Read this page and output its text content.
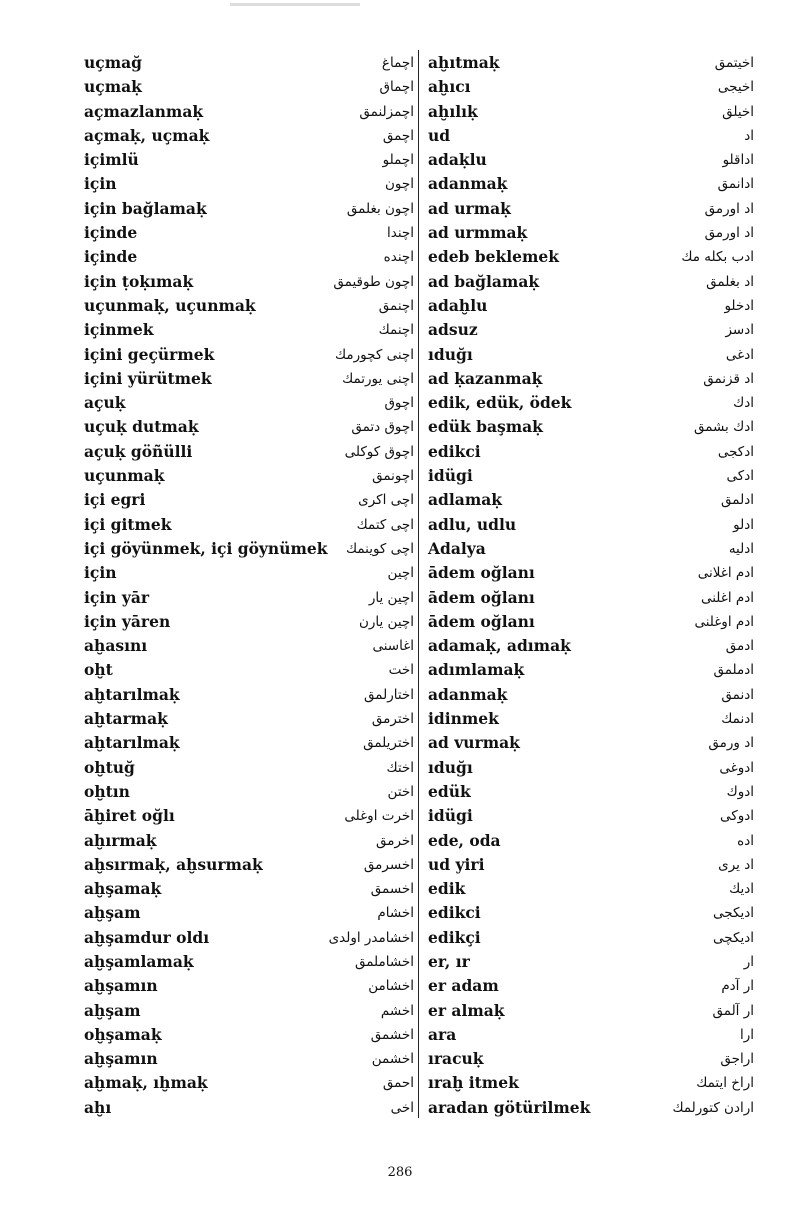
uçmağ	اچماغ
uçmaḳ	اچماق
açmazlanmaḳ	اچمزلنمق
açmaḳ, uçmaḳ	اچمق
içimlü	اچملو
için	اچون
için bağlamaḳ	اچون بغلمق
içinde	اچندا
içinde	اچنده
için ṭoḳımaḳ	اچون طوقیمق
uçunmaḳ, uçunmaḳ	اچنمق
içinmek	اچنمك
içini geçürmek	اچنی کچورمك
içini yürütmek	اچنی یورتمك
açuḳ	اچوق
uçuḳ dutmaḳ	اچوق دتمق
açuḳ göñülli	اچوق کوکلی
uçunmaḳ	اچونمق
içi egri	اچی اکری
içi gitmek	اچی کتمك
içi göyünmek, içi göynümek اچی کوینمك
için	اچین
için yār	اچین یار
için yāren	اچین یارن
aḫasını	اغاسنی
oḫt	اخت
aḫtarılmaḳ	اختارلمق
aḫtarmaḳ	اخترمق
aḫtarılmaḳ	اختریلمق
oḫtuğ	اختك
oḫtın	اختن
āḫiret oğlı	اخرت اوغلی
aḫırmaḳ	اخرمق
aḫsırmaḳ, aḫsurmaḳ	اخسرمق
aḫşamaḳ	اخسمق
aḫşam	اخشام
aḫşamdur oldı	اخشامدر اولدی
aḫşamlamaḳ	اخشاملمق
aḫşamın	اخشامن
aḫşam	اخشم
oḫşamaḳ	اخشمق
aḫşamın	اخشمن
aḫmaḳ, ıḫmaḳ	احمق
aḫı	اخی
aḫıtmaḳ	اخیتمق
aḫıcı	اخیجی
aḫılıḳ	اخیلق
ud	اد
adaḳlu	اداقلو
adanmaḳ	ادانمق
ad urmaḳ	اد اورمق
ad urmmaḳ	اد اورمق
edeb beklemek	ادب بکله مك
ad bağlamaḳ	اد بغلمق
adaḫlu	ادخلو
adsuz	ادسز
ıduğı	ادغی
ad ḳazanmaḳ	اد قزنمق
edik, edük, ödek	ادك
edük başmaḳ	ادك بشمق
edikci	ادکجی
idügi	ادکی
adlamaḳ	ادلمق
adlu, udlu	ادلو
Adalya	ادلیه
ādem oğlanı	ادم اغلانی
ādem oğlanı	ادم اغلنی
ādem oğlanı	ادم اوغلنی
adamaḳ, adımaḳ	ادمق
adımlamaḳ	ادملمق
adanmaḳ	ادنمق
idinmek	ادنمك
ad vurmaḳ	اد ورمق
ıduğı	ادوغی
edük	ادوك
idügi	ادوکی
ede, oda	اده
ud yiri	اد یری
edik	ادیك
edikci	ادیکجی
edikçi	ادیکچی
er, ır	ار
er adam	ار آدم
er almaḳ	ار آلمق
ara	ارا
ıracuḳ	اراجق
ıraḫ itmek	اراخ ایتمك
aradan götürilmek	ارادن کتورلمك
286
